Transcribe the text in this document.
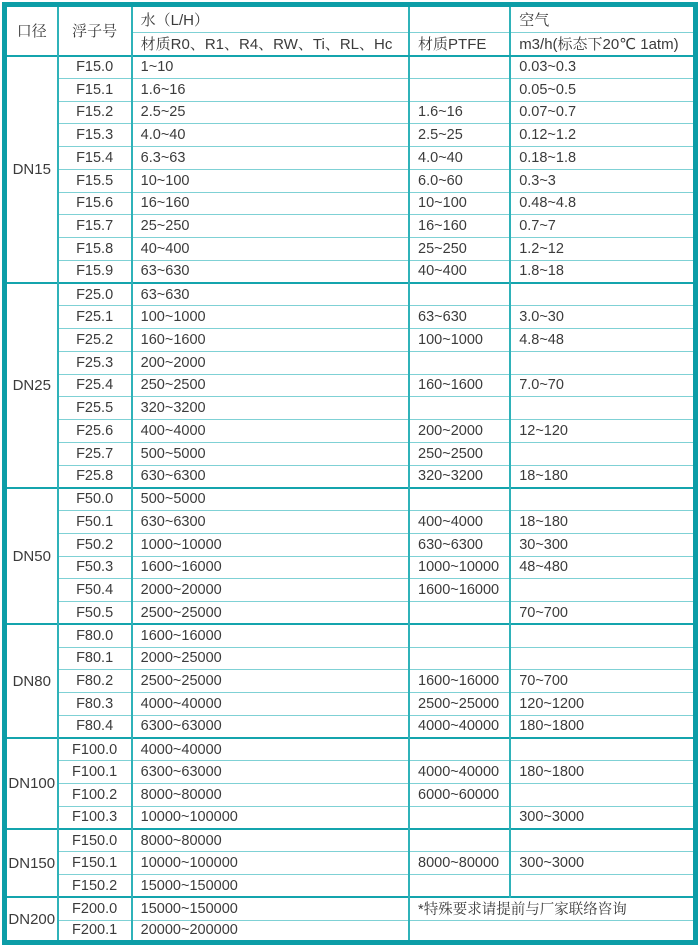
口径	浮子号	水（L/H）		空气
		材质R0、R1、R4、RW、Ti、RL、Hc	材质PTFE	m3/h(标态下20℃ 1atm)
DN15	F15.0	1~10		0.03~0.3
	F15.1	1.6~16		0.05~0.5
	F15.2	2.5~25	1.6~16	0.07~0.7
	F15.3	4.0~40	2.5~25	0.12~1.2
	F15.4	6.3~63	4.0~40	0.18~1.8
	F15.5	10~100	6.0~60	0.3~3
	F15.6	16~160	10~100	0.48~4.8
	F15.7	25~250	16~160	0.7~7
	F15.8	40~400	25~250	1.2~12
	F15.9	63~630	40~400	1.8~18
DN25	F25.0	63~630		
	F25.1	100~1000	63~630	3.0~30
	F25.2	160~1600	100~1000	4.8~48
	F25.3	200~2000		
	F25.4	250~2500	160~1600	7.0~70
	F25.5	320~3200		
	F25.6	400~4000	200~2000	12~120
	F25.7	500~5000	250~2500	
	F25.8	630~6300	320~3200	18~180
DN50	F50.0	500~5000		
	F50.1	630~6300	400~4000	18~180
	F50.2	1000~10000	630~6300	30~300
	F50.3	1600~16000	1000~10000	48~480
	F50.4	2000~20000	1600~16000	
	F50.5	2500~25000		70~700
DN80	F80.0	1600~16000		
	F80.1	2000~25000		
	F80.2	2500~25000	1600~16000	70~700
	F80.3	4000~40000	2500~25000	120~1200
	F80.4	6300~63000	4000~40000	180~1800
DN100	F100.0	4000~40000		
	F100.1	6300~63000	4000~40000	180~1800
	F100.2	8000~80000	6000~60000	
	F100.3	10000~100000		300~3000
DN150	F150.0	8000~80000		
	F150.1	10000~100000	8000~80000	300~3000
	F150.2	15000~150000		
DN200	F200.0	15000~150000	*特殊要求请提前与厂家联络咨询	
	F200.1	20000~200000		
